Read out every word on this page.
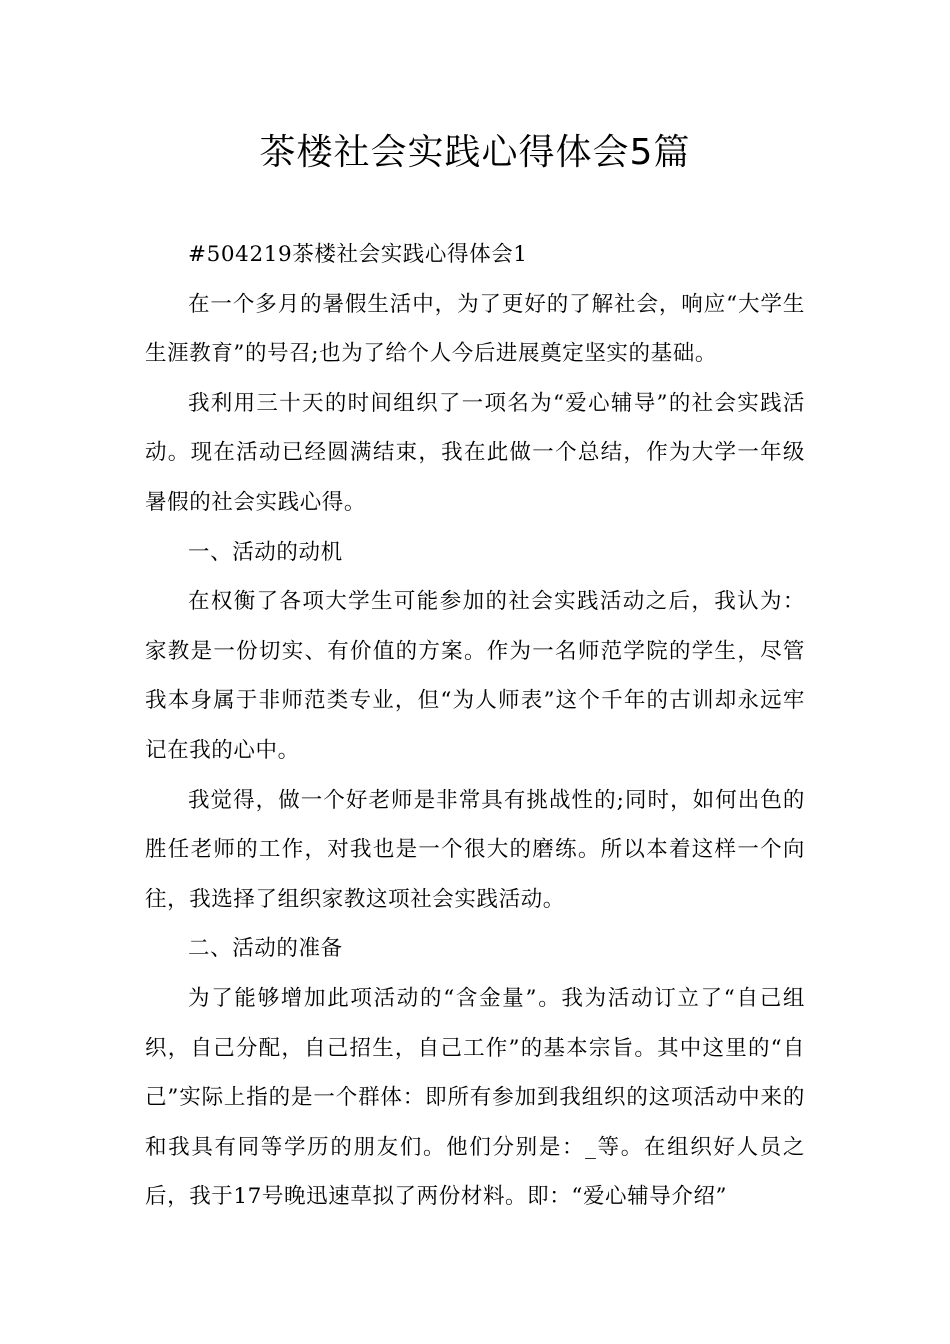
茶楼社会实践心得体会5篇

#504219茶楼社会实践心得体会1

在一个多月的暑假生活中，为了更好的了解社会，响应“大学生生涯教育”的号召;也为了给个人今后进展奠定坚实的基础。

我利用三十天的时间组织了一项名为“爱心辅导”的社会实践活动。现在活动已经圆满结束，我在此做一个总结，作为大学一年级暑假的社会实践心得。

一、活动的动机

在权衡了各项大学生可能参加的社会实践活动之后，我认为：家教是一份切实、有价值的方案。作为一名师范学院的学生，尽管我本身属于非师范类专业，但“为人师表”这个千年的古训却永远牢记在我的心中。

我觉得，做一个好老师是非常具有挑战性的;同时，如何出色的胜任老师的工作，对我也是一个很大的磨练。所以本着这样一个向往，我选择了组织家教这项社会实践活动。

二、活动的准备

为了能够增加此项活动的“含金量”。我为活动订立了“自己组织，自己分配，自己招生，自己工作”的基本宗旨。其中这里的“自己”实际上指的是一个群体：即所有参加到我组织的这项活动中来的和我具有同等学历的朋友们。他们分别是：_等。在组织好人员之后，我于17号晚迅速草拟了两份材料。即：“爱心辅导介绍”
